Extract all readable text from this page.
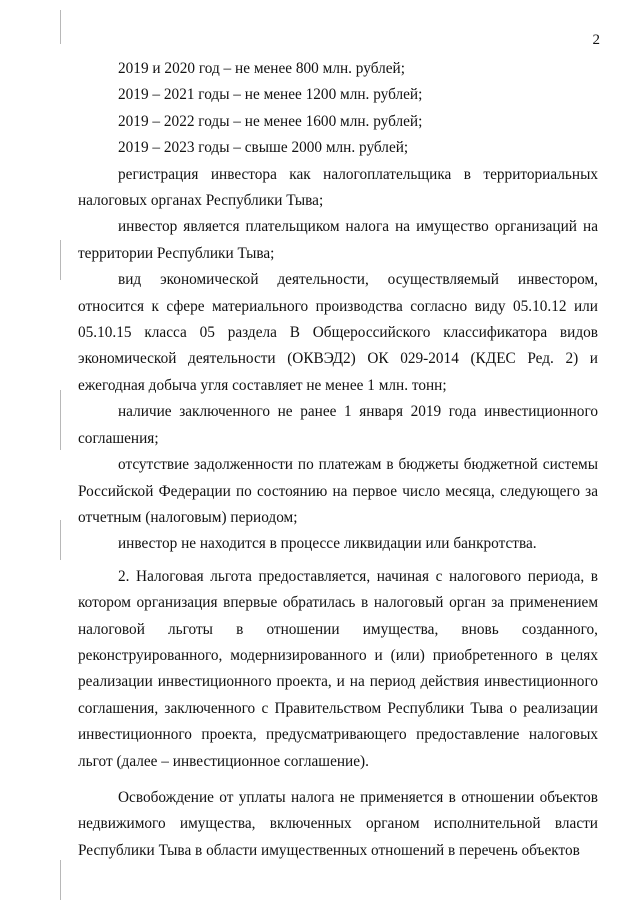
2

2019 и 2020 год – не менее 800 млн. рублей;

2019 – 2021 годы – не менее 1200 млн. рублей;

2019 – 2022 годы – не менее 1600 млн. рублей;

2019 – 2023 годы – свыше 2000 млн. рублей;

регистрация инвестора как налогоплательщика в территориальных налоговых органах Республики Тыва;

инвестор является плательщиком налога на имущество организаций на территории Республики Тыва;

вид экономической деятельности, осуществляемый инвестором, относится к сфере материального производства согласно виду 05.10.12 или 05.10.15 класса 05 раздела B Общероссийского классификатора видов экономической деятельности (ОКВЭД2) ОК 029-2014 (КДЕС Ред. 2) и ежегодная добыча угля составляет не менее 1 млн. тонн;

наличие заключенного не ранее 1 января 2019 года инвестиционного соглашения;

отсутствие задолженности по платежам в бюджеты бюджетной системы Российской Федерации по состоянию на первое число месяца, следующего за отчетным (налоговым) периодом;

инвестор не находится в процессе ликвидации или банкротства.

2. Налоговая льгота предоставляется, начиная с налогового периода, в котором организация впервые обратилась в налоговый орган за применением налоговой льготы в отношении имущества, вновь созданного, реконструированного, модернизированного и (или) приобретенного в целях реализации инвестиционного проекта, и на период действия инвестиционного соглашения, заключенного с Правительством Республики Тыва о реализации инвестиционного проекта, предусматривающего предоставление налоговых льгот (далее – инвестиционное соглашение).

Освобождение от уплаты налога не применяется в отношении объектов недвижимого имущества, включенных органом исполнительной власти Республики Тыва в области имущественных отношений в перечень объектов
